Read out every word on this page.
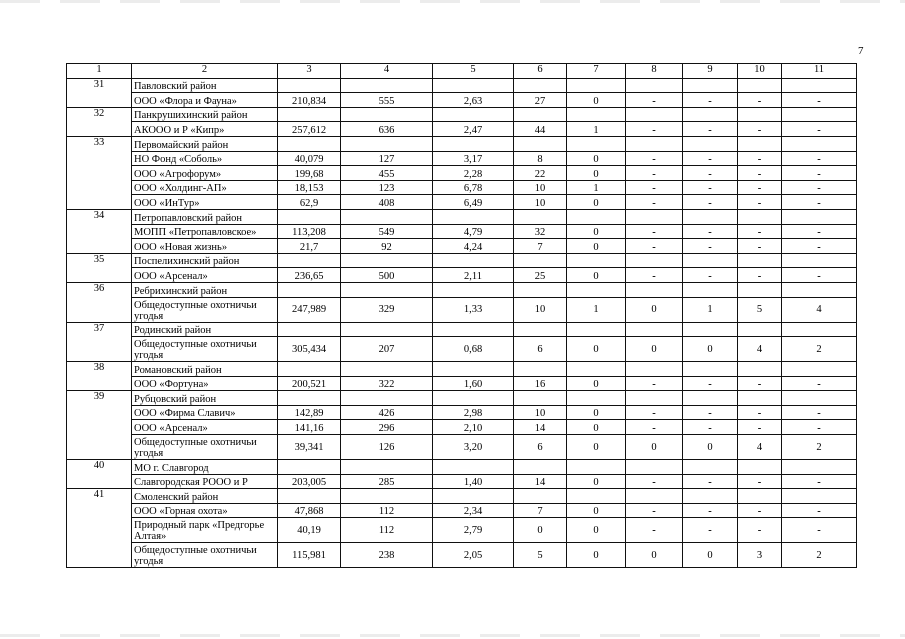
7
1	2	3	4	5	6	7	8	9	10	11
31	Павловский район									
	ООО «Флора и Фауна»	210,834	555	2,63	27	0	-	-	-	-
32	Панкрушихинский район									
	АКООО и Р «Кипр»	257,612	636	2,47	44	1	-	-	-	-
33	Первомайский район									
	НО Фонд «Соболь»	40,079	127	3,17	8	0	-	-	-	-
	ООО «Агрофорум»	199,68	455	2,28	22	0	-	-	-	-
	ООО «Холдинг-АП»	18,153	123	6,78	10	1	-	-	-	-
	ООО «ИнТур»	62,9	408	6,49	10	0	-	-	-	-
34	Петропавловский район									
	МОПП «Петропавловское»	113,208	549	4,79	32	0	-	-	-	-
	ООО «Новая жизнь»	21,7	92	4,24	7	0	-	-	-	-
35	Поспелихинский район									
	ООО «Арсенал»	236,65	500	2,11	25	0	-	-	-	-
36	Ребрихинский район									
	Общедоступные охотничьи угодья	247,989	329	1,33	10	1	0	1	5	4
37	Родинский район									
	Общедоступные охотничьи угодья	305,434	207	0,68	6	0	0	0	4	2
38	Романовский район									
	ООО «Фортуна»	200,521	322	1,60	16	0	-	-	-	-
39	Рубцовский район									
	ООО «Фирма Славич»	142,89	426	2,98	10	0	-	-	-	-
	ООО «Арсенал»	141,16	296	2,10	14	0	-	-	-	-
	Общедоступные охотничьи угодья	39,341	126	3,20	6	0	0	0	4	2
40	МО г. Славгород									
	Славгородская РООО и Р	203,005	285	1,40	14	0	-	-	-	-
41	Смоленский район									
	ООО «Горная охота»	47,868	112	2,34	7	0	-	-	-	-
	Природный парк «Предгорье Алтая»	40,19	112	2,79	0	0	-	-	-	-
	Общедоступные охотничьи угодья	115,981	238	2,05	5	0	0	0	3	2
